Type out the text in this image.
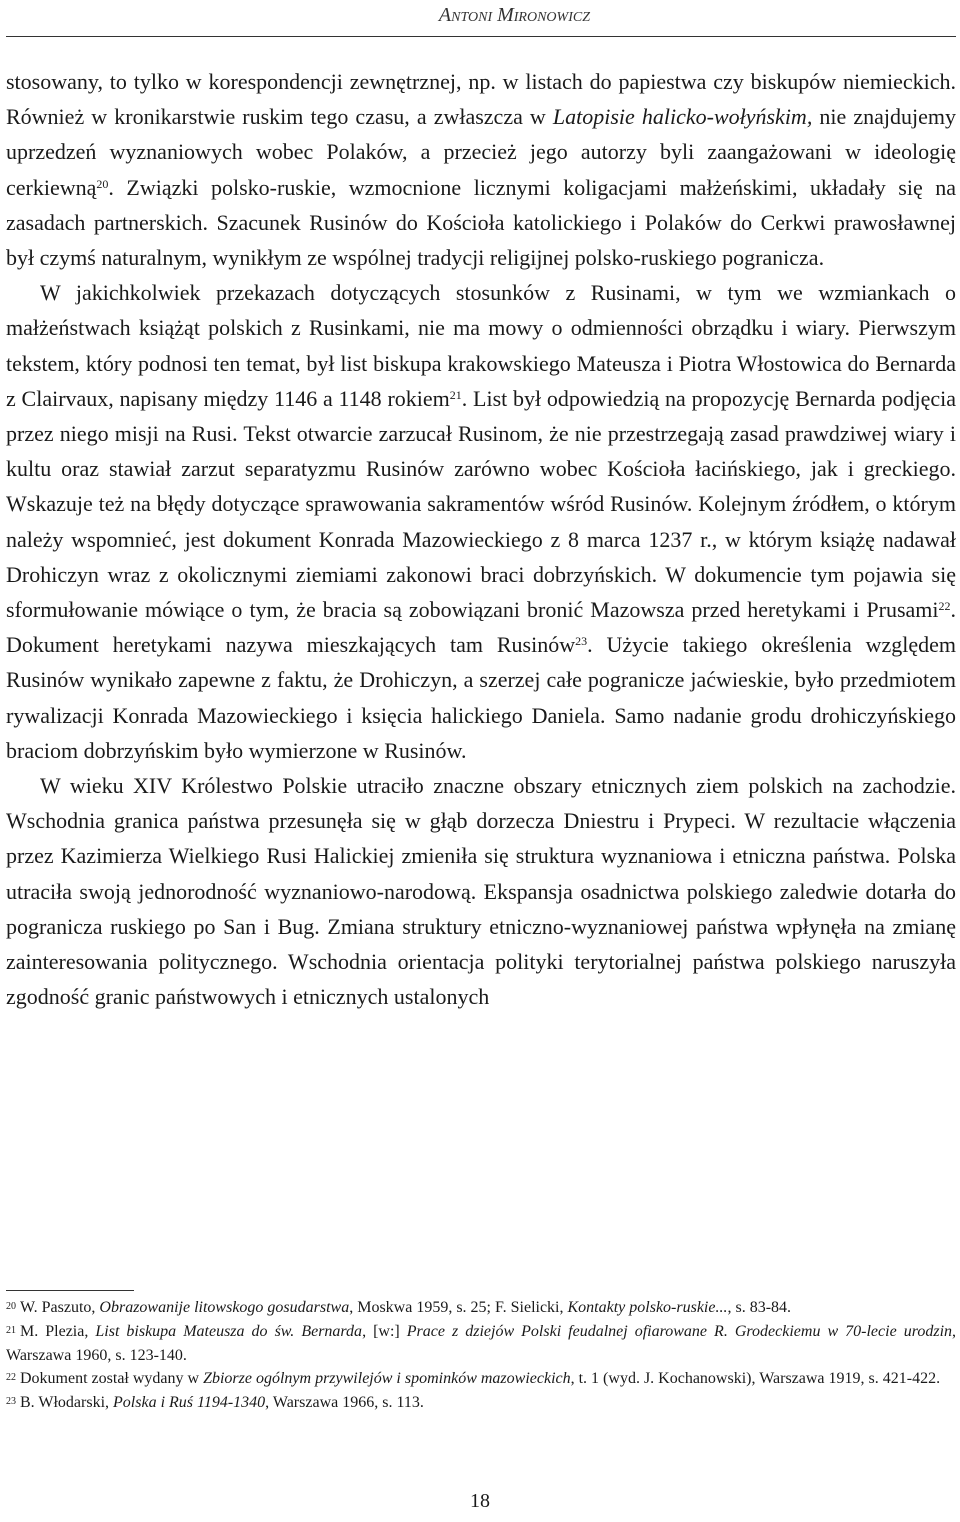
Antoni Mironowicz

stosowany, to tylko w korespondencji zewnętrznej, np. w listach do papiestwa czy biskupów niemieckich. Również w kronikarstwie ruskim tego czasu, a zwłaszcza w Latopisie halicko-wołyńskim, nie znajdujemy uprzedzeń wyznaniowych wobec Polaków, a przecież jego autorzy byli zaangażowani w ideologię cerkiewną$^{20}$. Związki polsko-ruskie, wzmocnione licznymi koligacjami małżeńskimi, układały się na zasadach partnerskich. Szacunek Rusinów do Kościoła katolickiego i Polaków do Cerkwi prawosławnej był czymś naturalnym, wynikłym ze wspólnej tradycji religijnej polsko-ruskiego pogranicza.

W jakichkolwiek przekazach dotyczących stosunków z Rusinami, w tym we wzmiankach o małżeństwach książąt polskich z Rusinkami, nie ma mowy o odmienności obrządku i wiary. Pierwszym tekstem, który podnosi ten temat, był list biskupa krakowskiego Mateusza i Piotra Włostowica do Bernarda z Clairvaux, napisany między 1146 a 1148 rokiem$^{21}$. List był odpowiedzią na propozycję Bernarda podjęcia przez niego misji na Rusi. Tekst otwarcie zarzucał Rusinom, że nie przestrzegają zasad prawdziwej wiary i kultu oraz stawiał zarzut separatyzmu Rusinów zarówno wobec Kościoła łacińskiego, jak i greckiego. Wskazuje też na błędy dotyczące sprawowania sakramentów wśród Rusinów. Kolejnym źródłem, o którym należy wspomnieć, jest dokument Konrada Mazowieckiego z 8 marca 1237 r., w którym książę nadawał Drohiczyn wraz z okolicznymi ziemiami zakonowi braci dobrzyńskich. W dokumencie tym pojawia się sformułowanie mówiące o tym, że bracia są zobowiązani bronić Mazowsza przed heretykami i Prusami$^{22}$. Dokument heretykami nazywa mieszkających tam Rusinów$^{23}$. Użycie takiego określenia względem Rusinów wynikało zapewne z faktu, że Drohiczyn, a szerzej całe pogranicze jaćwieskie, było przedmiotem rywalizacji Konrada Mazowieckiego i księcia halickiego Daniela. Samo nadanie grodu drohiczyńskiego braciom dobrzyńskim było wymierzone w Rusinów.

W wieku XIV Królestwo Polskie utraciło znaczne obszary etnicznych ziem polskich na zachodzie. Wschodnia granica państwa przesunęła się w głąb dorzecza Dniestru i Prypeci. W rezultacie włączenia przez Kazimierza Wielkiego Rusi Halickiej zmieniła się struktura wyznaniowa i etniczna państwa. Polska utraciła swoją jednorodność wyznaniowo-narodową. Ekspansja osadnictwa polskiego zaledwie dotarła do pogranicza ruskiego po San i Bug. Zmiana struktury etniczno-wyznaniowej państwa wpłynęła na zmianę zainteresowania politycznego. Wschodnia orientacja polityki terytorialnej państwa polskiego naruszyła zgodność granic państwowych i etnicznych ustalonych

$^{20}$ W. Paszuto, Obrazowanije litowskogo gosudarstwa, Moskwa 1959, s. 25; F. Sielicki, Kontakty polsko-ruskie..., s. 83-84.

$^{21}$ M. Plezia, List biskupa Mateusza do św. Bernarda, [w:] Prace z dziejów Polski feudalnej ofiarowane R. Grodeckiemu w 70-lecie urodzin, Warszawa 1960, s. 123-140.

$^{22}$ Dokument został wydany w Zbiorze ogólnym przywilejów i spominków mazowieckich, t. 1 (wyd. J. Kochanowski), Warszawa 1919, s. 421-422.

$^{23}$ B. Włodarski, Polska i Ruś 1194-1340, Warszawa 1966, s. 113.

18
